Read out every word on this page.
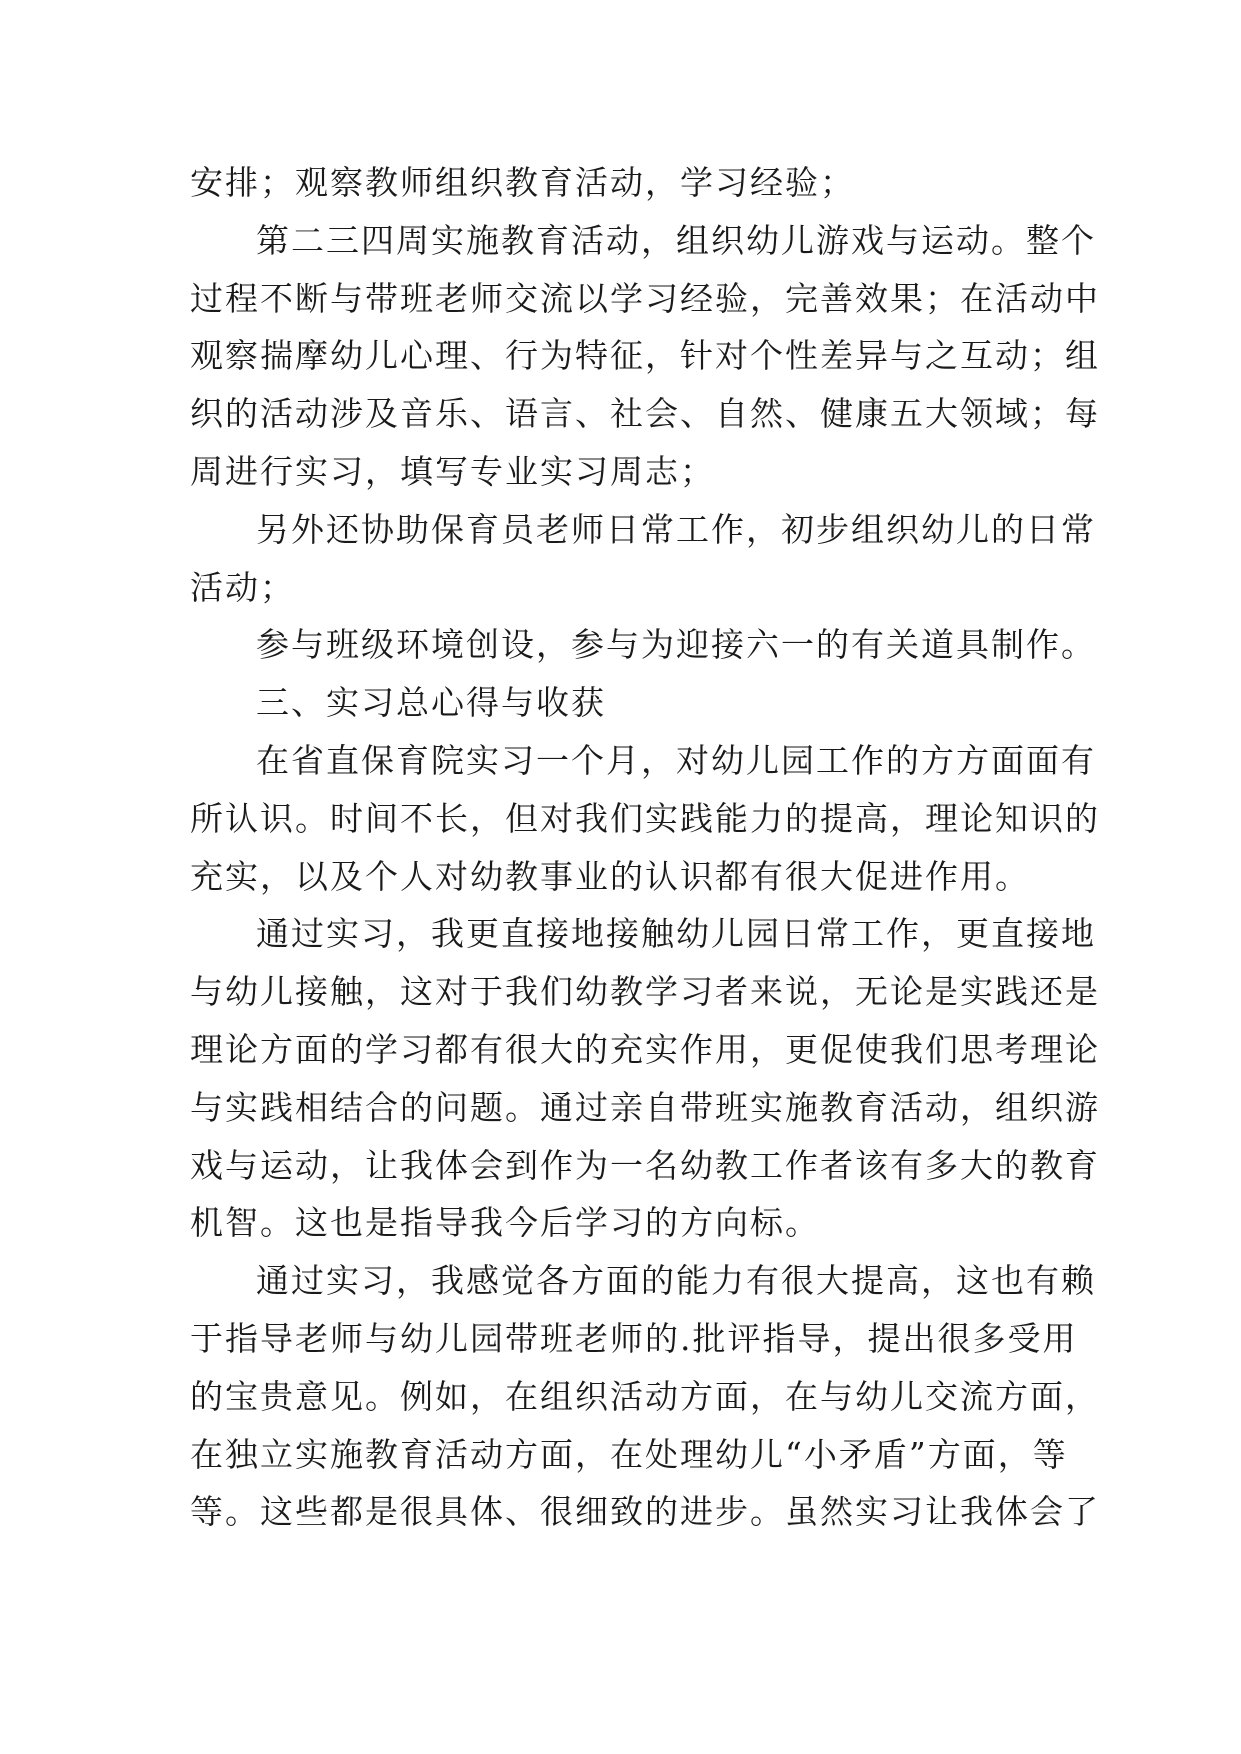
安排；观察教师组织教育活动，学习经验；
第二三四周实施教育活动，组织幼儿游戏与运动。整个
过程不断与带班老师交流以学习经验，完善效果；在活动中
观察揣摩幼儿心理、行为特征，针对个性差异与之互动；组
织的活动涉及音乐、语言、社会、自然、健康五大领域；每
周进行实习，填写专业实习周志；
另外还协助保育员老师日常工作，初步组织幼儿的日常
活动；
参与班级环境创设，参与为迎接六一的有关道具制作。
三、实习总心得与收获
在省直保育院实习一个月，对幼儿园工作的方方面面有
所认识。时间不长，但对我们实践能力的提高，理论知识的
充实，以及个人对幼教事业的认识都有很大促进作用。
通过实习，我更直接地接触幼儿园日常工作，更直接地
与幼儿接触，这对于我们幼教学习者来说，无论是实践还是
理论方面的学习都有很大的充实作用，更促使我们思考理论
与实践相结合的问题。通过亲自带班实施教育活动，组织游
戏与运动，让我体会到作为一名幼教工作者该有多大的教育
机智。这也是指导我今后学习的方向标。
通过实习，我感觉各方面的能力有很大提高，这也有赖
于指导老师与幼儿园带班老师的.批评指导，提出很多受用
的宝贵意见。例如，在组织活动方面，在与幼儿交流方面，
在独立实施教育活动方面，在处理幼儿“小矛盾”方面，等
等。这些都是很具体、很细致的进步。虽然实习让我体会了
